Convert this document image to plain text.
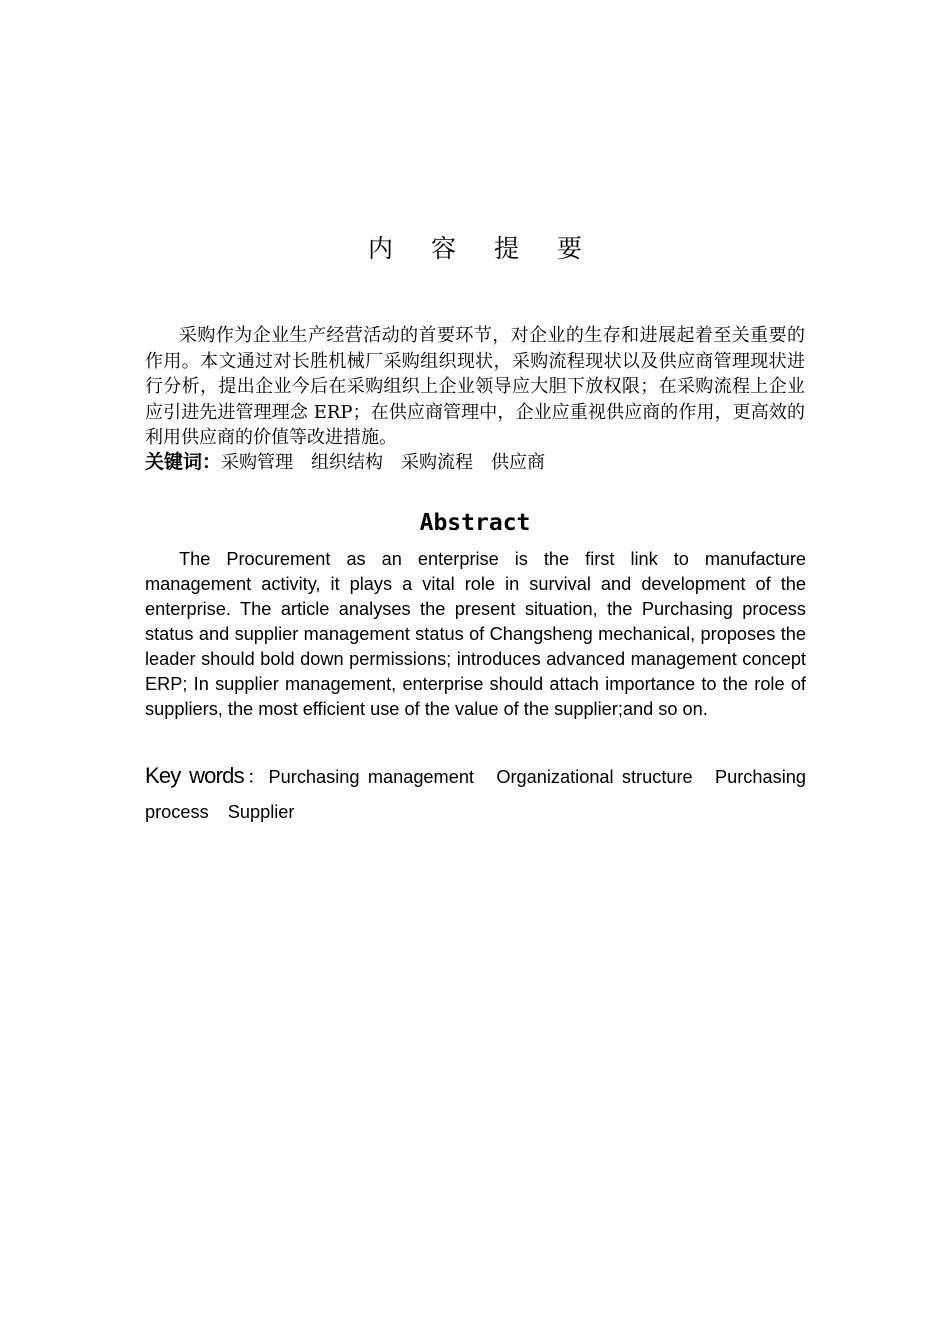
内容提要

采购作为企业生产经营活动的首要环节，对企业的生存和进展起着至关重要的作用。本文通过对长胜机械厂采购组织现状，采购流程现状以及供应商管理现状进行分析，提出企业今后在采购组织上企业领导应大胆下放权限；在采购流程上企业应引进先进管理理念 ERP；在供应商管理中，企业应重视供应商的作用，更高效的利用供应商的价值等改进措施。

关键词：采购管理 组织结构 采购流程 供应商
Abstract

The Procurement as an enterprise is the first link to manufacture management activity, it plays a vital role in survival and development of the enterprise. The article analyses the present situation, the Purchasing process status and supplier management status of Changsheng mechanical, proposes the leader should bold down permissions; introduces advanced management concept ERP; In supplier management, enterprise should attach importance to the role of suppliers, the most efficient use of the value of the supplier;and so on.

Key words：Purchasing management Organizational structure Purchasing process Supplier
